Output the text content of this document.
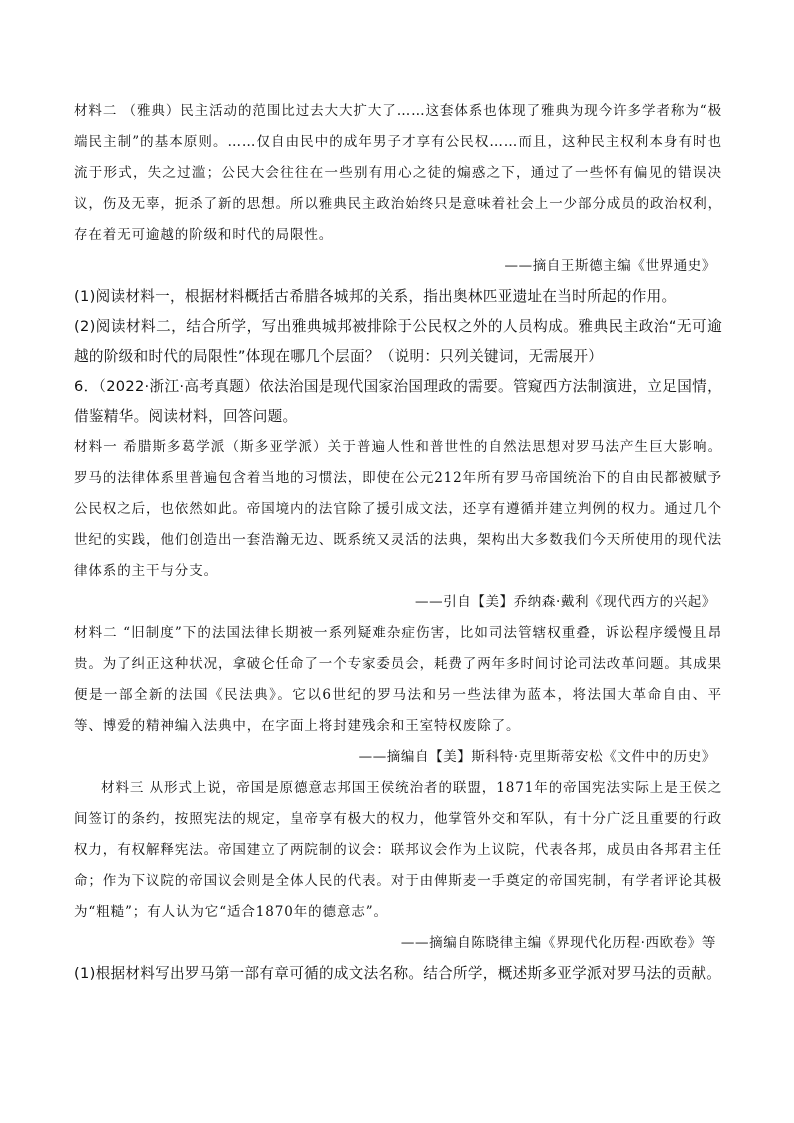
材料二 （雅典）民主活动的范围比过去大大扩大了……这套体系也体现了雅典为现今许多学者称为“极端民主制”的基本原则。……仅自由民中的成年男子才享有公民权……而且，这种民主权利本身有时也流于形式，失之过滥；公民大会往往在一些别有用心之徒的煽惑之下，通过了一些怀有偏见的错误决议，伤及无辜，扼杀了新的思想。所以雅典民主政治始终只是意味着社会上一少部分成员的政治权利，存在着无可逾越的阶级和时代的局限性。

——摘自王斯德主编《世界通史》

(1)阅读材料一，根据材料概括古希腊各城邦的关系，指出奥林匹亚遗址在当时所起的作用。

(2)阅读材料二，结合所学，写出雅典城邦被排除于公民权之外的人员构成。雅典民主政治“无可逾越的阶级和时代的局限性”体现在哪几个层面？（说明：只列关键词，无需展开）

6．（2022·浙江·高考真题）依法治国是现代国家治国理政的需要。管窥西方法制演进，立足国情，借鉴精华。阅读材料，回答问题。

材料一 希腊斯多葛学派（斯多亚学派）关于普遍人性和普世性的自然法思想对罗马法产生巨大影响。罗马的法律体系里普遍包含着当地的习惯法，即使在公元212年所有罗马帝国统治下的自由民都被赋予公民权之后，也依然如此。帝国境内的法官除了援引成文法，还享有遵循并建立判例的权力。通过几个世纪的实践，他们创造出一套浩瀚无边、既系统又灵活的法典，架构出大多数我们今天所使用的现代法律体系的主干与分支。

——引自【美】乔纳森·戴利《现代西方的兴起》

材料二 “旧制度”下的法国法律长期被一系列疑难杂症伤害，比如司法管辖权重叠，诉讼程序缓慢且昂贵。为了纠正这种状况，拿破仑任命了一个专家委员会，耗费了两年多时间讨论司法改革问题。其成果便是一部全新的法国《民法典》。它以6世纪的罗马法和另一些法律为蓝本，将法国大革命自由、平等、博爱的精神编入法典中，在字面上将封建残余和王室特权废除了。

——摘编自【美】斯科特·克里斯蒂安松《文件中的历史》

材料三 从形式上说，帝国是原德意志邦国王侯统治者的联盟，1871年的帝国宪法实际上是王侯之间签订的条约，按照宪法的规定，皇帝享有极大的权力，他掌管外交和军队，有十分广泛且重要的行政权力，有权解释宪法。帝国建立了两院制的议会：联邦议会作为上议院，代表各邦，成员由各邦君主任命；作为下议院的帝国议会则是全体人民的代表。对于由俾斯麦一手奠定的帝国宪制，有学者评论其极为“粗糙”；有人认为它“适合1870年的德意志”。

——摘编自陈晓律主编《界现代化历程·西欧卷》等

(1)根据材料写出罗马第一部有章可循的成文法名称。结合所学，概述斯多亚学派对罗马法的贡献。
